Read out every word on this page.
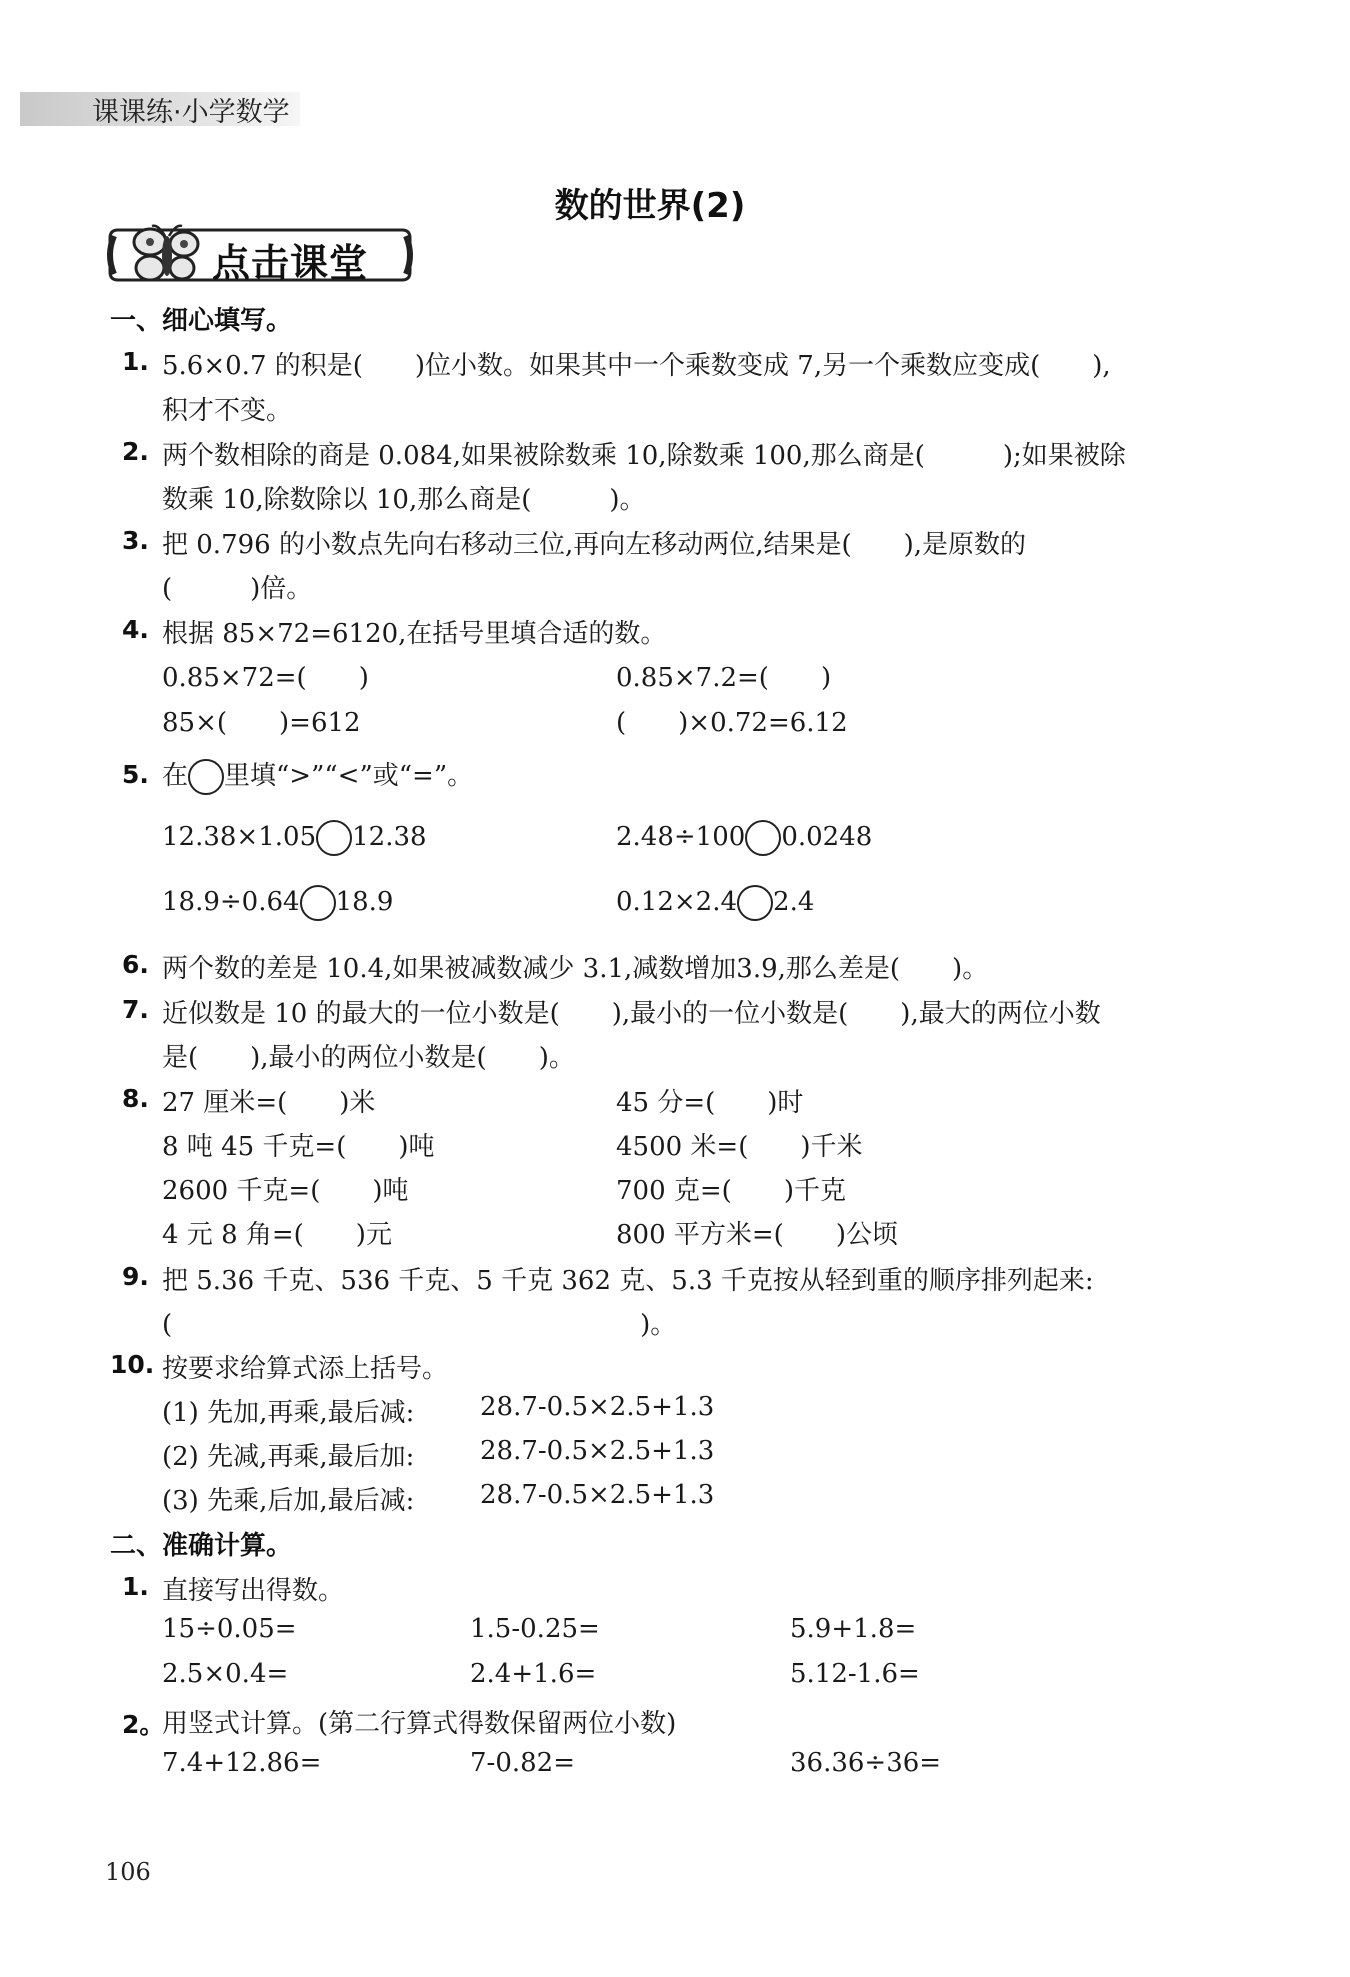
课课练·小学数学
数的世界(2)
点击课堂
一、细心填写。
1. 5.6×0.7 的积是(　　)位小数。如果其中一个乘数变成 7,另一个乘数应变成(　　),
积才不变。
2. 两个数相除的商是 0.084,如果被除数乘 10,除数乘 100,那么商是(　　　);如果被除
数乘 10,除数除以 10,那么商是(　　　)。
3. 把 0.796 的小数点先向右移动三位,再向左移动两位,结果是(　　),是原数的
(　　　)倍。
4. 根据 85×72=6120,在括号里填合适的数。
0.85×72=(　　)	0.85×7.2=(　　)
85×(　　)=612	(　　)×0.72=6.12
5. 在 里填“>”“<”或“=”。
12.38×1.05 12.38	2.48÷100 0.0248
18.9÷0.64 18.9	0.12×2.4 2.4
6. 两个数的差是 10.4,如果被减数减少 3.1,减数增加3.9,那么差是(　　)。
7. 近似数是 10 的最大的一位小数是(　　),最小的一位小数是(　　),最大的两位小数
是(　　),最小的两位小数是(　　)。
8. 27 厘米=(　　)米	45 分=(　　)时
8 吨 45 千克=(　　)吨	4500 米=(　　)千米
2600 千克=(　　)吨	700 克=(　　)千克
4 元 8 角=(　　)元	800 平方米=(　　)公顷
9. 把 5.36 千克、536 千克、5 千克 362 克、5.3 千克按从轻到重的顺序排列起来:
(　　　　　　　　　　　　　　　　　　)。
10. 按要求给算式添上括号。
(1) 先加,再乘,最后减:	28.7-0.5×2.5+1.3
(2) 先减,再乘,最后加:	28.7-0.5×2.5+1.3
(3) 先乘,后加,最后减:	28.7-0.5×2.5+1.3
二、准确计算。
1. 直接写出得数。
15÷0.05=	1.5-0.25=	5.9+1.8=
2.5×0.4=	2.4+1.6=	5.12-1.6=
2。
用竖式计算。(第二行算式得数保留两位小数)
7.4+12.86=	7-0.82=	36.36÷36=
106
